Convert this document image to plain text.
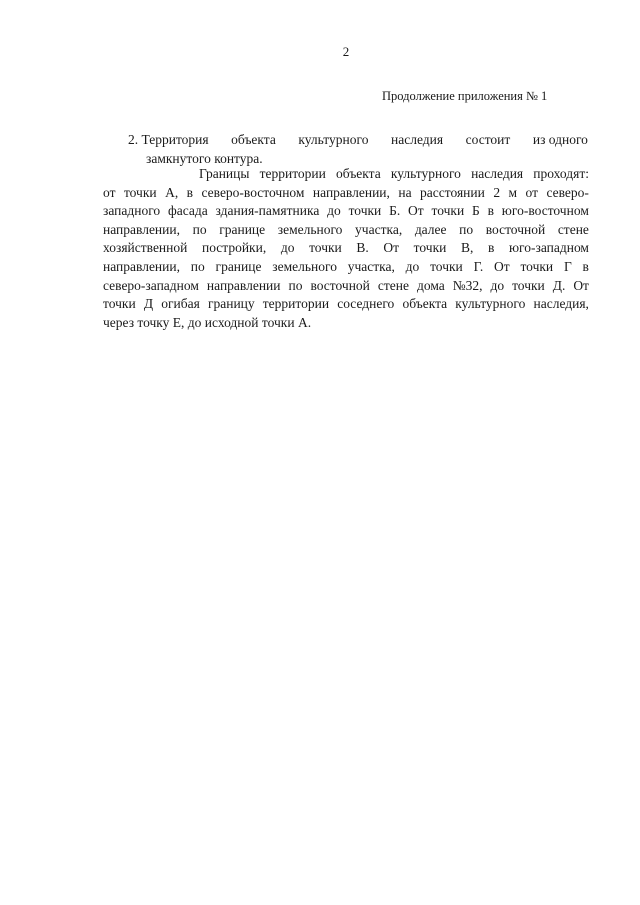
2
Продолжение приложения № 1
2. Территория объекта культурного наследия состоит из одного
замкнутого контура.
Границы территории объекта культурного наследия проходят:
от точки А, в северо-восточном направлении, на расстоянии 2 м от северо-
западного фасада здания-памятника до точки Б. От точки Б в юго-восточном
направлении, по границе земельного участка, далее по восточной стене
хозяйственной постройки, до точки В. От точки В, в юго-западном
направлении, по границе земельного участка, до точки Г. От точки Г в
северо-западном направлении по восточной стене дома №32, до точки Д. От
точки Д огибая границу территории соседнего объекта культурного наследия,
через точку Е, до исходной точки А.
